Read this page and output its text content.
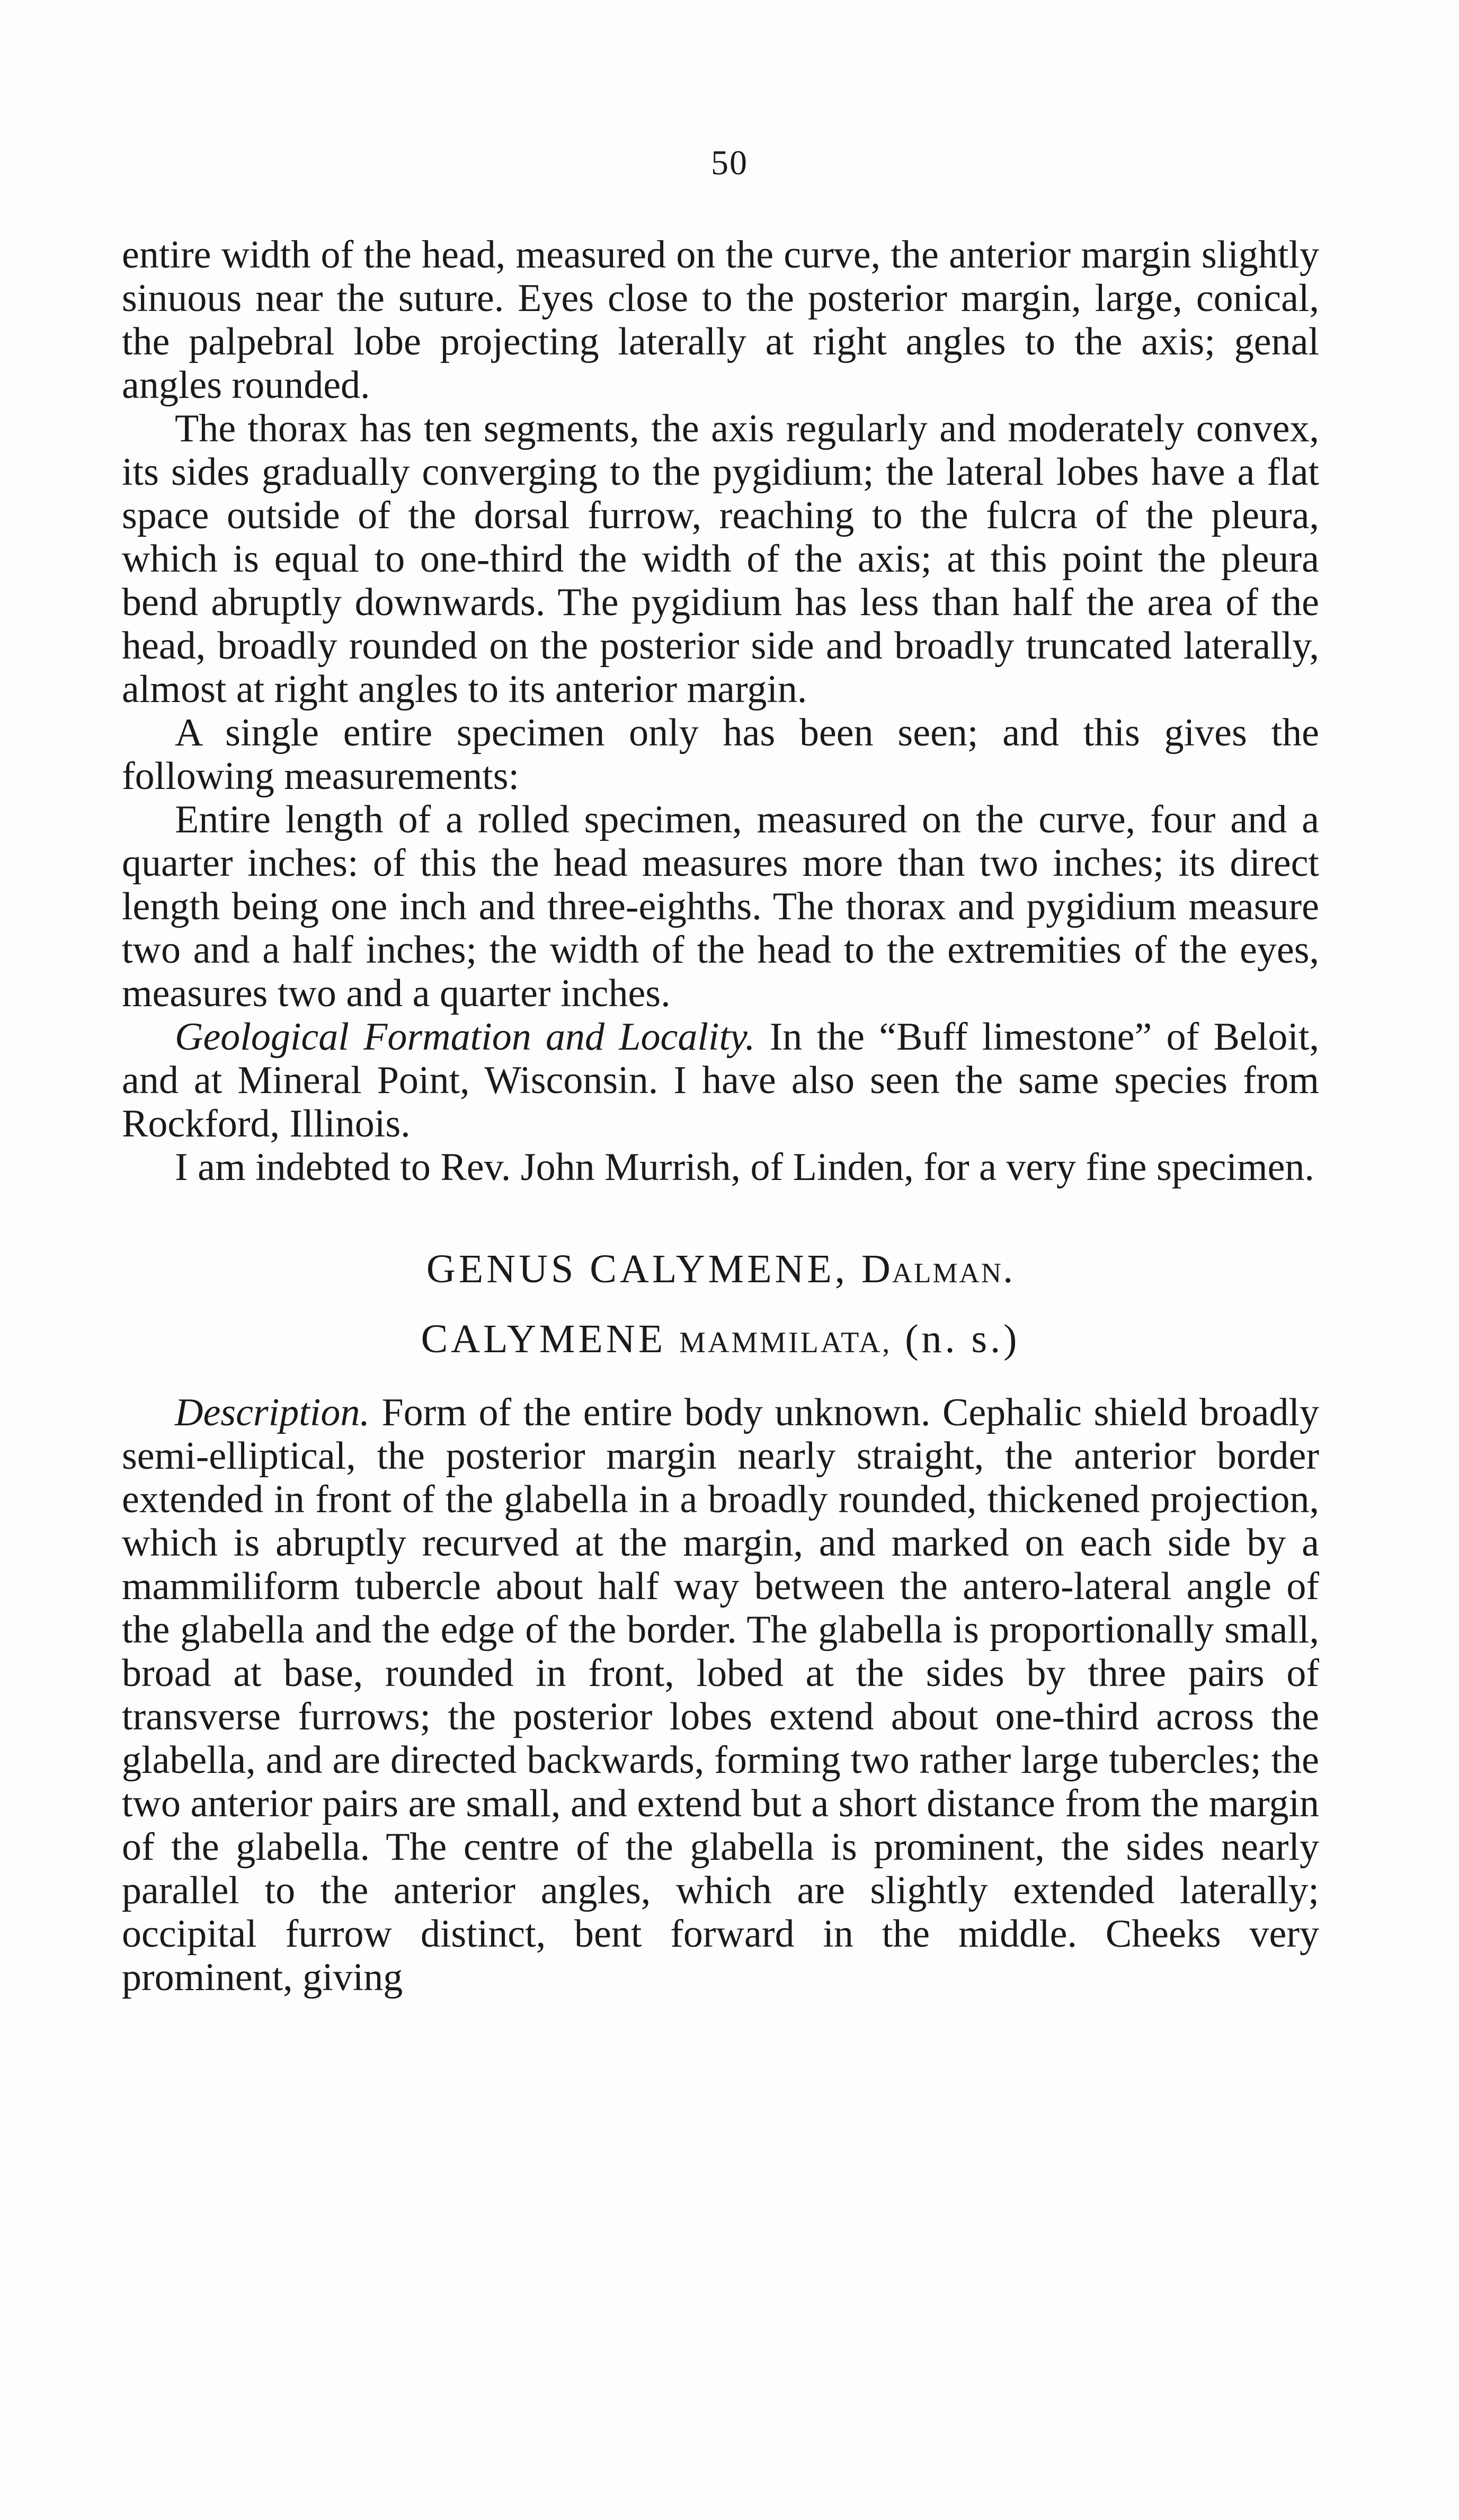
50

entire width of the head, measured on the curve, the anterior margin slightly sinuous near the suture. Eyes close to the posterior margin, large, conical, the palpebral lobe projecting laterally at right angles to the axis; genal angles rounded.

The thorax has ten segments, the axis regularly and moderately convex, its sides gradually converging to the pygidium; the lateral lobes have a flat space outside of the dorsal furrow, reaching to the fulcra of the pleura, which is equal to one-third the width of the axis; at this point the pleura bend abruptly downwards. The pygidium has less than half the area of the head, broadly rounded on the posterior side and broadly truncated laterally, almost at right angles to its anterior margin.

A single entire specimen only has been seen; and this gives the following measurements:

Entire length of a rolled specimen, measured on the curve, four and a quarter inches: of this the head measures more than two inches; its direct length being one inch and three-eighths. The thorax and pygidium measure two and a half inches; the width of the head to the extremities of the eyes, measures two and a quarter inches.

Geological Formation and Locality. In the “Buff limestone” of Beloit, and at Mineral Point, Wisconsin. I have also seen the same species from Rockford, Illinois.

I am indebted to Rev. John Murrish, of Linden, for a very fine specimen.

GENUS CALYMENE, Dalman.

CALYMENE MAMMILATA, (n. s.)

Description. Form of the entire body unknown. Cephalic shield broadly semi-elliptical, the posterior margin nearly straight, the anterior border extended in front of the glabella in a broadly rounded, thickened projection, which is abruptly recurved at the margin, and marked on each side by a mammiliform tubercle about half way between the antero-lateral angle of the glabella and the edge of the border. The glabella is proportionally small, broad at base, rounded in front, lobed at the sides by three pairs of transverse furrows; the posterior lobes extend about one-third across the glabella, and are directed backwards, forming two rather large tubercles; the two anterior pairs are small, and extend but a short distance from the margin of the glabella. The centre of the glabella is prominent, the sides nearly parallel to the anterior angles, which are slightly extended laterally; occipital furrow distinct, bent forward in the middle. Cheeks very prominent, giving
